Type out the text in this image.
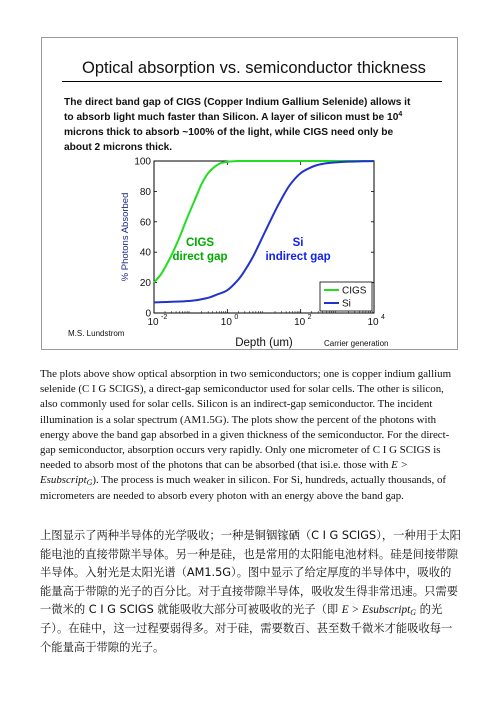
Optical absorption vs. semiconductor thickness
The direct band gap of CIGS (Copper Indium Gallium Selenide) allows it
to absorb light much faster than Silicon. A layer of silicon must be $10^4$
microns thick to absorb ~100% of the light, while CIGS need only be
about 2 microns thick.
0
20
40
60
80
100
10 -2	10 0	10 2	10 4
% Photons Absorbed
Depth (um)
CIGS
direct gap
Si
indirect gap
CIGS
Si
M.S. Lundstrom
Carrier generation
The plots above show optical absorption in two semiconductors; one is copper indium gallium selenide (C I G SCIGS), a direct-gap semiconductor used for solar cells. The other is silicon, also commonly used for solar cells. Silicon is an indirect-gap semiconductor. The incident illumination is a solar spectrum (AM1.5G). The plots show the percent of the photons with energy above the band gap absorbed in a given thickness of the semiconductor. For the direct-gap semiconductor, absorption occurs very rapidly. Only one micrometer of C I G SCIGS is needed to absorb most of the photons that can be absorbed (that isi.e. those with E > Esubscript$_G$). The process is much weaker in silicon. For Si, hundreds, actually thousands, of micrometers are needed to absorb every photon with an energy above the band gap.
上图显示了两种半导体的光学吸收；一种是铜铟镓硒（C I G SCIGS），一种用于太阳能电池的直接带隙半导体。另一种是硅，也是常用的太阳能电池材料。硅是间接带隙半导体。入射光是太阳光谱（AM1.5G）。图中显示了给定厚度的半导体中，吸收的能量高于带隙的光子的百分比。对于直接带隙半导体，吸收发生得非常迅速。只需要一微米的 C I G SCIGS 就能吸收大部分可被吸收的光子（即 E > Esubscript$_G$ 的光子）。在硅中，这一过程要弱得多。对于硅，需要数百、甚至数千微米才能吸收每一个能量高于带隙的光子。
